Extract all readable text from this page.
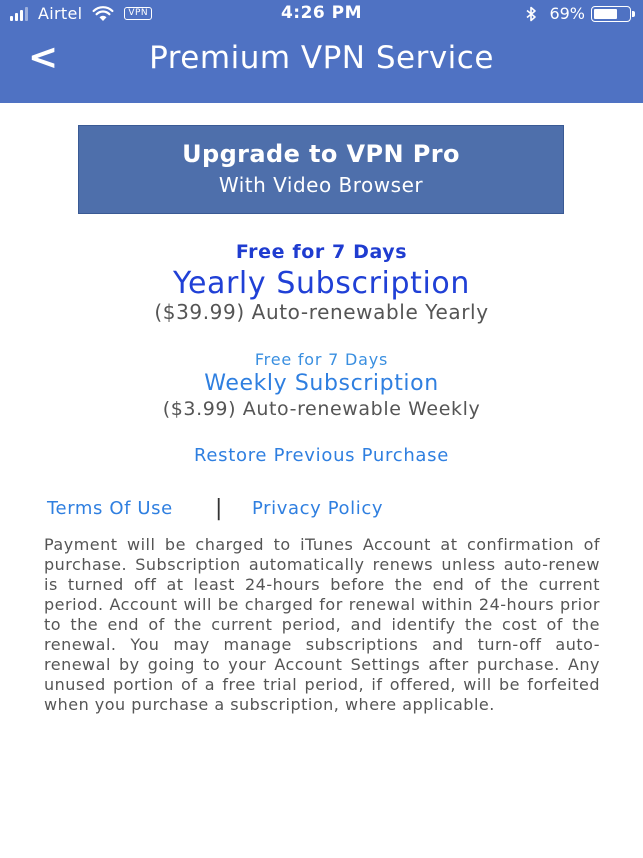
Airtel	VPN	4:26 PM	69%
<	Premium VPN Service
Upgrade to VPN Pro
With Video Browser
Free for 7 Days
Yearly Subscription
($39.99) Auto-renewable Yearly
Free for 7 Days
Weekly Subscription
($3.99) Auto-renewable Weekly
Restore Previous Purchase
Terms Of Use | Privacy Policy
Payment will be charged to iTunes Account at confirmation of purchase. Subscription automatically renews unless auto-renew is turned off at least 24-hours before the end of the current period. Account will be charged for renewal within 24-hours prior to the end of the current period, and identify the cost of the renewal. You may manage subscriptions and turn-off auto-renewal by going to your Account Settings after purchase. Any unused portion of a free trial period, if offered, will be forfeited when you purchase a subscription, where applicable.
